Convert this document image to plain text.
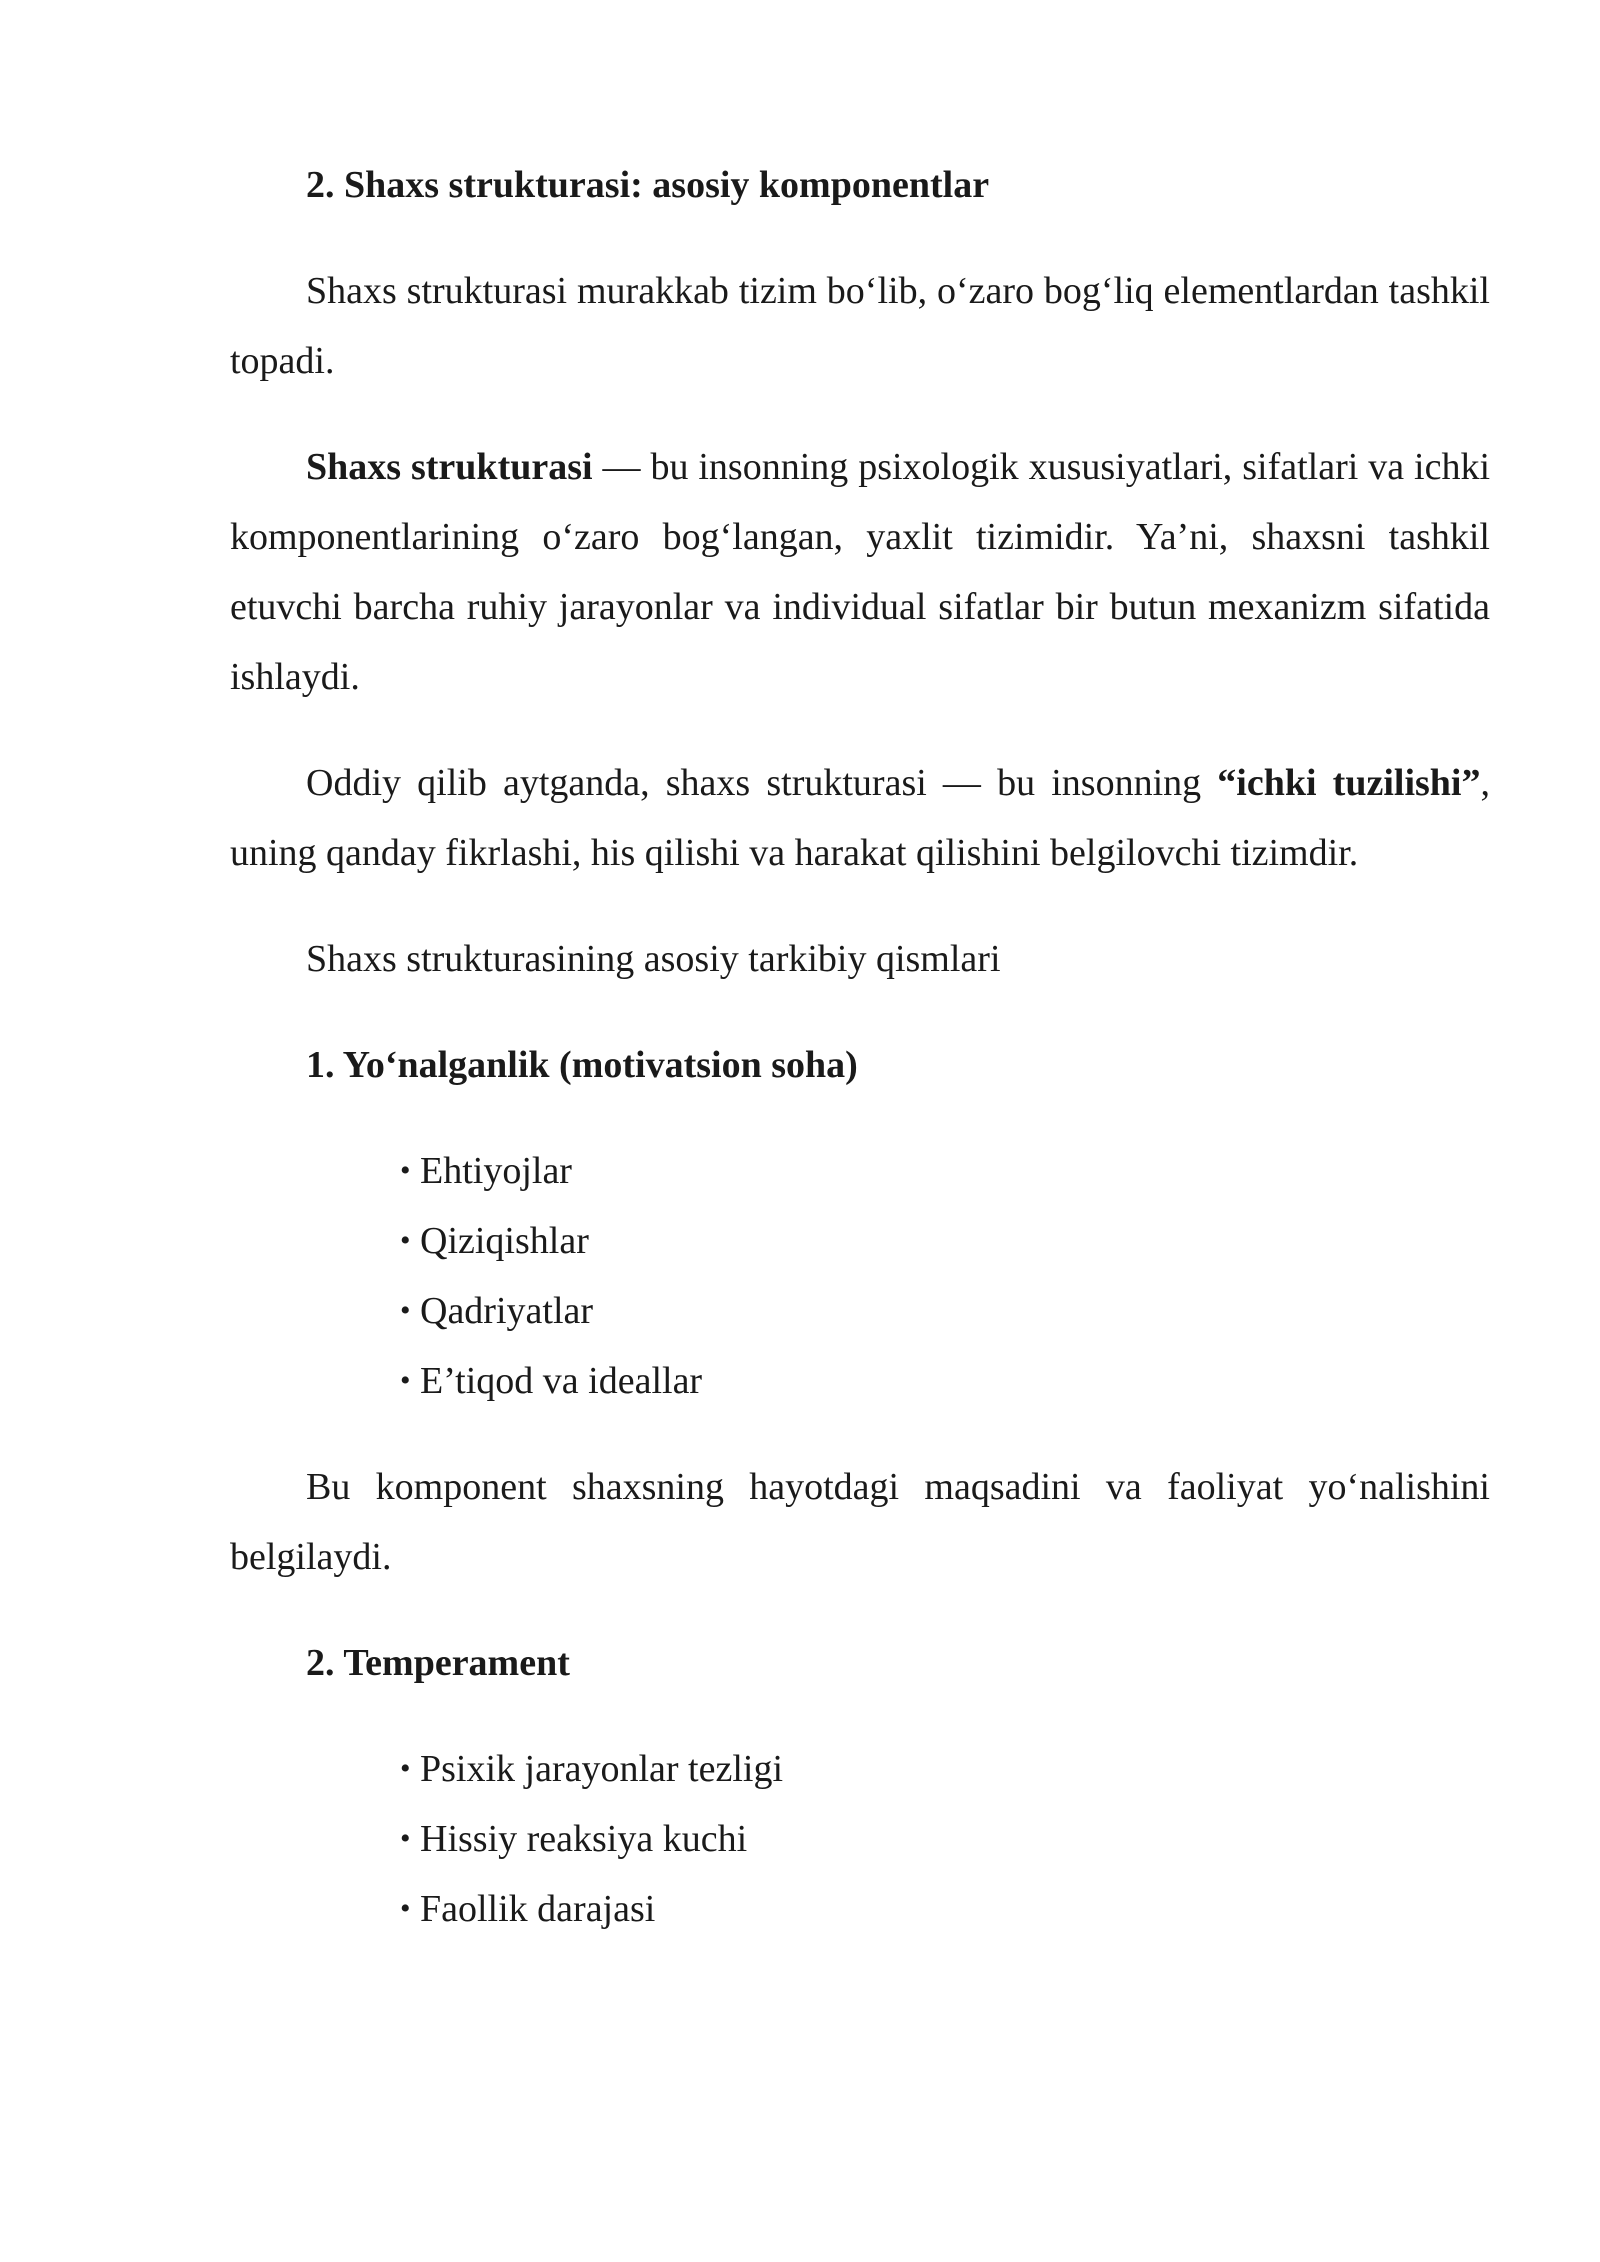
2. Shaxs strukturasi: asosiy komponentlar

Shaxs strukturasi murakkab tizim bo‘lib, o‘zaro bog‘liq elementlardan tashkil topadi.

Shaxs strukturasi — bu insonning psixologik xususiyatlari, sifatlari va ichki komponentlarining o‘zaro bog‘langan, yaxlit tizimidir. Ya’ni, shaxsni tashkil etuvchi barcha ruhiy jarayonlar va individual sifatlar bir butun mexanizm sifatida ishlaydi.

Oddiy qilib aytganda, shaxs strukturasi — bu insonning “ichki tuzilishi”, uning qanday fikrlashi, his qilishi va harakat qilishini belgilovchi tizimdir.

Shaxs strukturasining asosiy tarkibiy qismlari

1. Yo‘nalganlik (motivatsion soha)

• Ehtiyojlar
• Qiziqishlar
• Qadriyatlar
• E’tiqod va ideallar

Bu komponent shaxsning hayotdagi maqsadini va faoliyat yo‘nalishini belgilaydi.

2. Temperament

• Psixik jarayonlar tezligi
• Hissiy reaksiya kuchi
• Faollik darajasi
